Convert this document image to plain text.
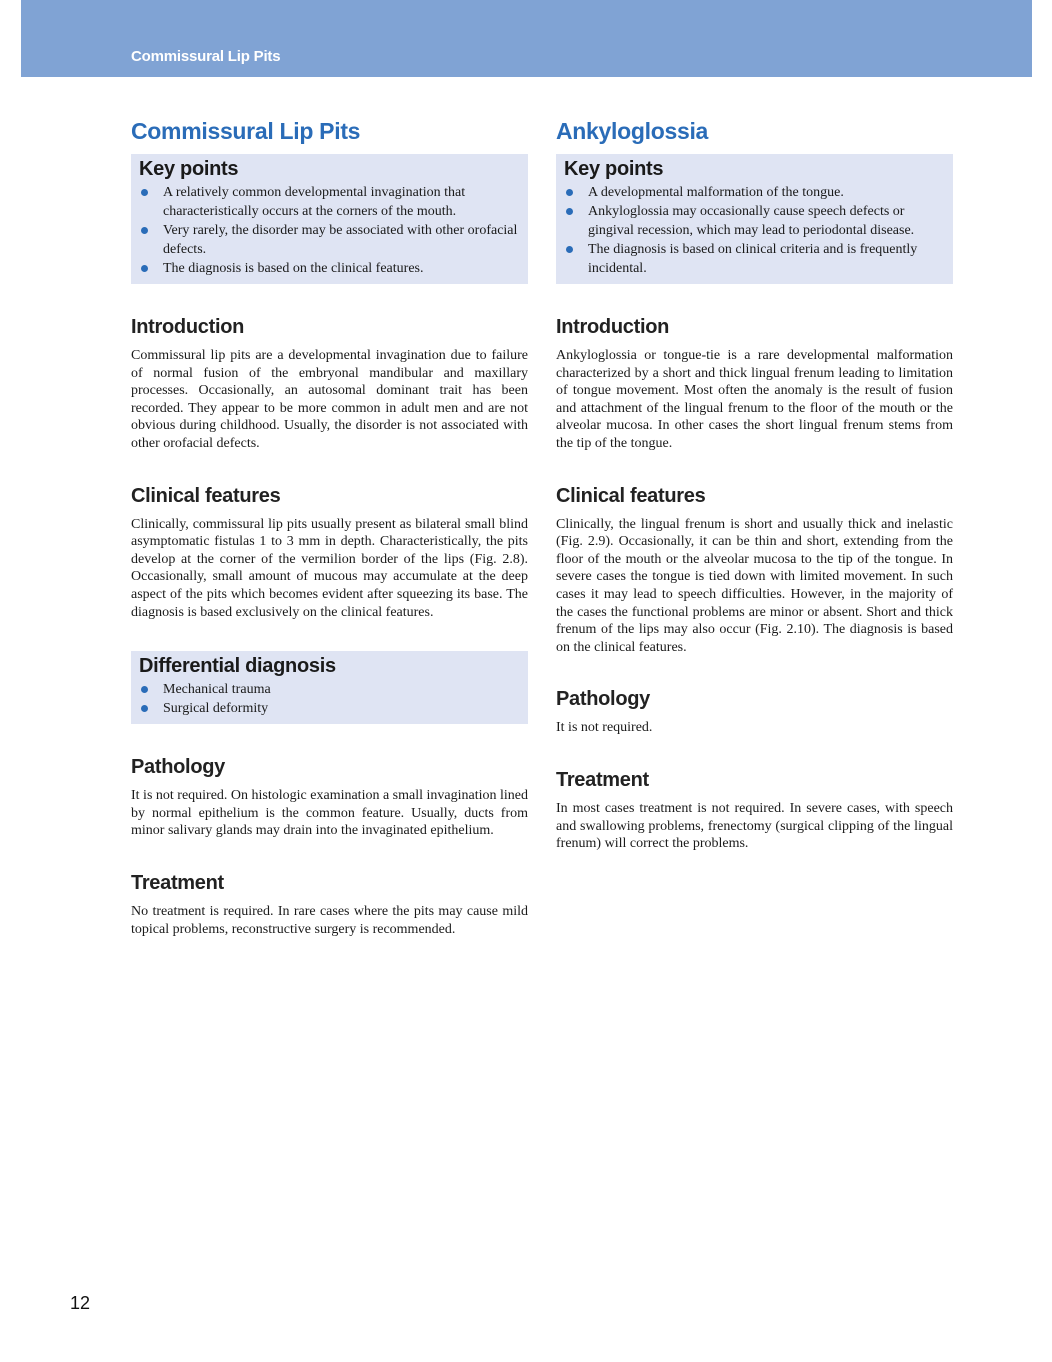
Commissural Lip Pits
Commissural Lip Pits
Key points
A relatively common developmental invagination that characteristically occurs at the corners of the mouth.
Very rarely, the disorder may be associated with other orofacial defects.
The diagnosis is based on the clinical features.
Introduction

Commissural lip pits are a developmental invagination due to failure of normal fusion of the embryonal mandibular and maxillary processes. Occasionally, an autosomal dominant trait has been recorded. They appear to be more common in adult men and are not obvious during childhood. Usually, the disorder is not associated with other orofacial defects.

Clinical features

Clinically, commissural lip pits usually present as bilateral small blind asymptomatic fistulas 1 to 3 mm in depth. Characteristically, the pits develop at the corner of the vermilion border of the lips (Fig. 2.8). Occasionally, small amount of mucous may accumulate at the deep aspect of the pits which becomes evident after squeezing its base. The diagnosis is based exclusively on the clinical features.

Differential diagnosis
Mechanical trauma
Surgical deformity
Pathology

It is not required. On histologic examination a small invagination lined by normal epithelium is the common feature. Usually, ducts from minor salivary glands may drain into the invaginated epithelium.

Treatment

No treatment is required. In rare cases where the pits may cause mild topical problems, reconstructive surgery is recommended.

Ankyloglossia
Key points
A developmental malformation of the tongue.
Ankyloglossia may occasionally cause speech defects or gingival recession, which may lead to periodontal disease.
The diagnosis is based on clinical criteria and is frequently incidental.
Introduction

Ankyloglossia or tongue-tie is a rare developmental malformation characterized by a short and thick lingual frenum leading to limitation of tongue movement. Most often the anomaly is the result of fusion and attachment of the lingual frenum to the floor of the mouth or the alveolar mucosa. In other cases the short lingual frenum stems from the tip of the tongue.

Clinical features

Clinically, the lingual frenum is short and usually thick and inelastic (Fig. 2.9). Occasionally, it can be thin and short, extending from the floor of the mouth or the alveolar mucosa to the tip of the tongue. In severe cases the tongue is tied down with limited movement. In such cases it may lead to speech difficulties. However, in the majority of the cases the functional problems are minor or absent. Short and thick frenum of the lips may also occur (Fig. 2.10). The diagnosis is based on the clinical features.

Pathology

It is not required.

Treatment

In most cases treatment is not required. In severe cases, with speech and swallowing problems, frenectomy (surgical clipping of the lingual frenum) will correct the problems.

12
